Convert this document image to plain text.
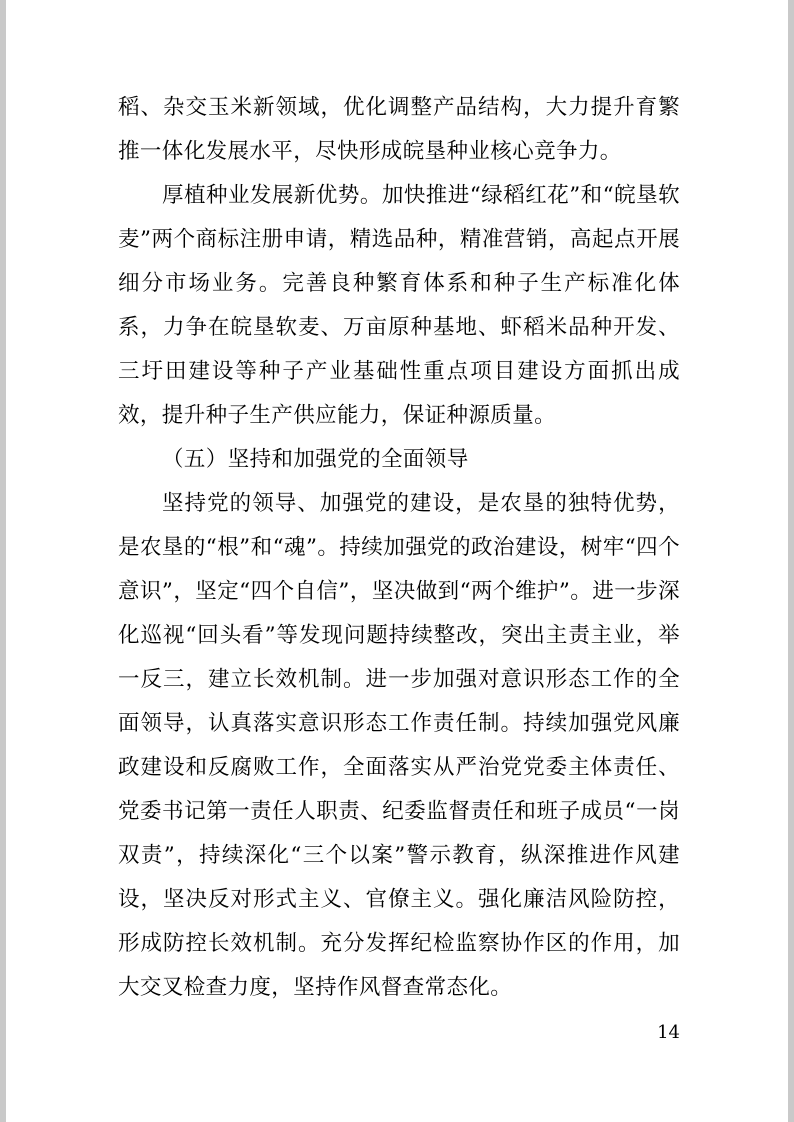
稻、杂交玉米新领域，优化调整产品结构，大力提升育繁推一体化发展水平，尽快形成皖垦种业核心竞争力。

厚植种业发展新优势。加快推进“绿稻红花”和“皖垦软麦”两个商标注册申请，精选品种，精准营销，高起点开展细分市场业务。完善良种繁育体系和种子生产标准化体系，力争在皖垦软麦、万亩原种基地、虾稻米品种开发、三圩田建设等种子产业基础性重点项目建设方面抓出成效，提升种子生产供应能力，保证种源质量。

（五）坚持和加强党的全面领导

坚持党的领导、加强党的建设，是农垦的独特优势，是农垦的“根”和“魂”。持续加强党的政治建设，树牢“四个意识”，坚定“四个自信”，坚决做到“两个维护”。进一步深化巡视“回头看”等发现问题持续整改，突出主责主业，举一反三，建立长效机制。进一步加强对意识形态工作的全面领导，认真落实意识形态工作责任制。持续加强党风廉政建设和反腐败工作，全面落实从严治党党委主体责任、党委书记第一责任人职责、纪委监督责任和班子成员“一岗双责”，持续深化“三个以案”警示教育，纵深推进作风建设，坚决反对形式主义、官僚主义。强化廉洁风险防控，形成防控长效机制。充分发挥纪检监察协作区的作用，加大交叉检查力度，坚持作风督查常态化。

14
